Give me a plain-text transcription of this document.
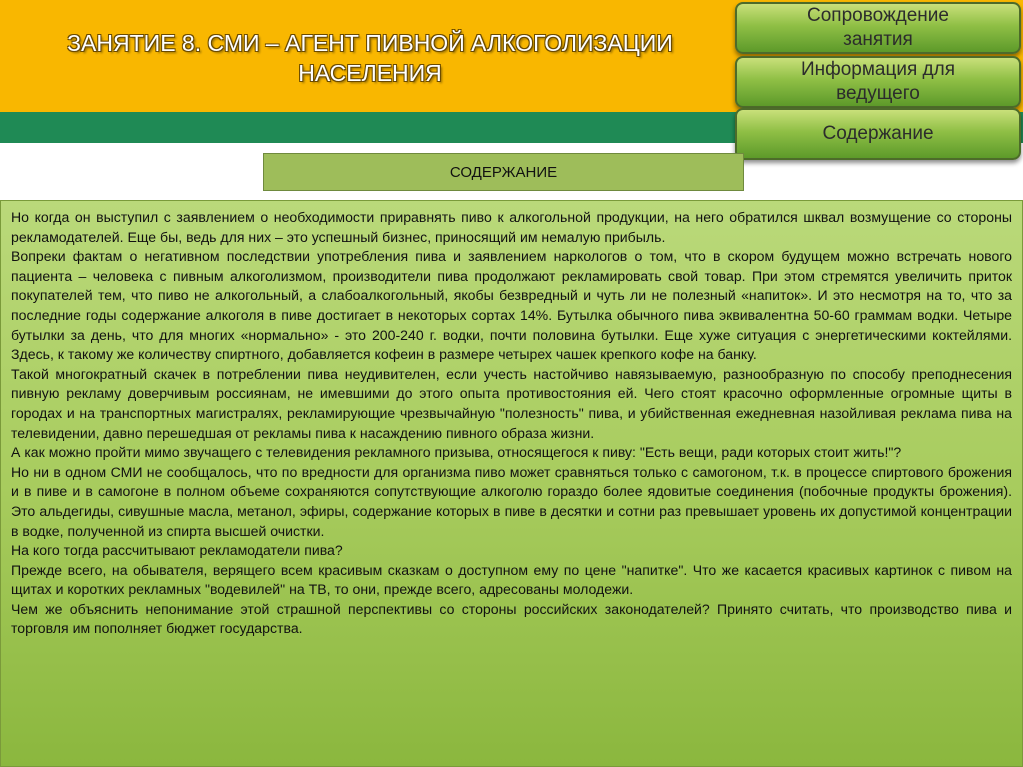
ЗАНЯТИЕ 8. СМИ – АГЕНТ ПИВНОЙ АЛКОГОЛИЗАЦИИ
НАСЕЛЕНИЯ
Сопровождение
занятия
Информация для
ведущего
Содержание
СОДЕРЖАНИЕ

Но когда он выступил с заявлением о необходимости приравнять пиво к алкогольной продукции, на него обратился шквал возмущение со стороны рекламодателей. Еще бы, ведь для них – это успешный бизнес, приносящий им немалую прибыль.

Вопреки фактам о негативном последствии употребления пива и заявлением наркологов о том, что в скором будущем можно встречать нового пациента – человека с пивным алкоголизмом, производители пива продолжают рекламировать свой товар. При этом стремятся увеличить приток покупателей тем, что пиво не алкогольный, а слабоалкогольный, якобы безвредный и чуть ли не полезный «напиток». И это несмотря на то, что за последние годы содержание алкоголя в пиве достигает в некоторых сортах 14%. Бутылка обычного пива эквивалентна 50-60 граммам водки. Четыре бутылки за день, что для многих «нормально» - это 200-240 г. водки, почти половина бутылки. Еще хуже ситуация с энергетическими коктейлями. Здесь, к такому же количеству спиртного, добавляется кофеин в размере четырех чашек крепкого кофе на банку.

Такой многократный скачек в потреблении пива неудивителен, если учесть настойчиво навязываемую, разнообразную по способу преподнесения пивную рекламу доверчивым россиянам, не имевшими до этого опыта противостояния ей. Чего стоят красочно оформленные огромные щиты в городах и на транспортных магистралях, рекламирующие чрезвычайную "полезность" пива, и убийственная ежедневная назойливая реклама пива на телевидении, давно перешедшая от рекламы пива к насаждению пивного образа жизни.

А как можно пройти мимо звучащего с телевидения рекламного призыва, относящегося к пиву: "Есть вещи, ради которых стоит жить!"?

Но ни в одном СМИ не сообщалось, что по вредности для организма пиво может сравняться только с самогоном, т.к. в процессе спиртового брожения и в пиве и в самогоне в полном объеме сохраняются сопутствующие алкоголю гораздо более ядовитые соединения (побочные продукты брожения). Это альдегиды, сивушные масла, метанол, эфиры, содержание которых в пиве в десятки и сотни раз превышает уровень их допустимой концентрации в водке, полученной из спирта высшей очистки.

На кого тогда рассчитывают рекламодатели пива?

Прежде всего, на обывателя, верящего всем красивым сказкам о доступном ему по цене "напитке". Что же касается красивых картинок с пивом на щитах и коротких рекламных "водевилей" на ТВ, то они, прежде всего, адресованы молодежи.

Чем же объяснить непонимание этой страшной перспективы со стороны российских законодателей? Принято считать, что производство пива и торговля им пополняет бюджет государства.
